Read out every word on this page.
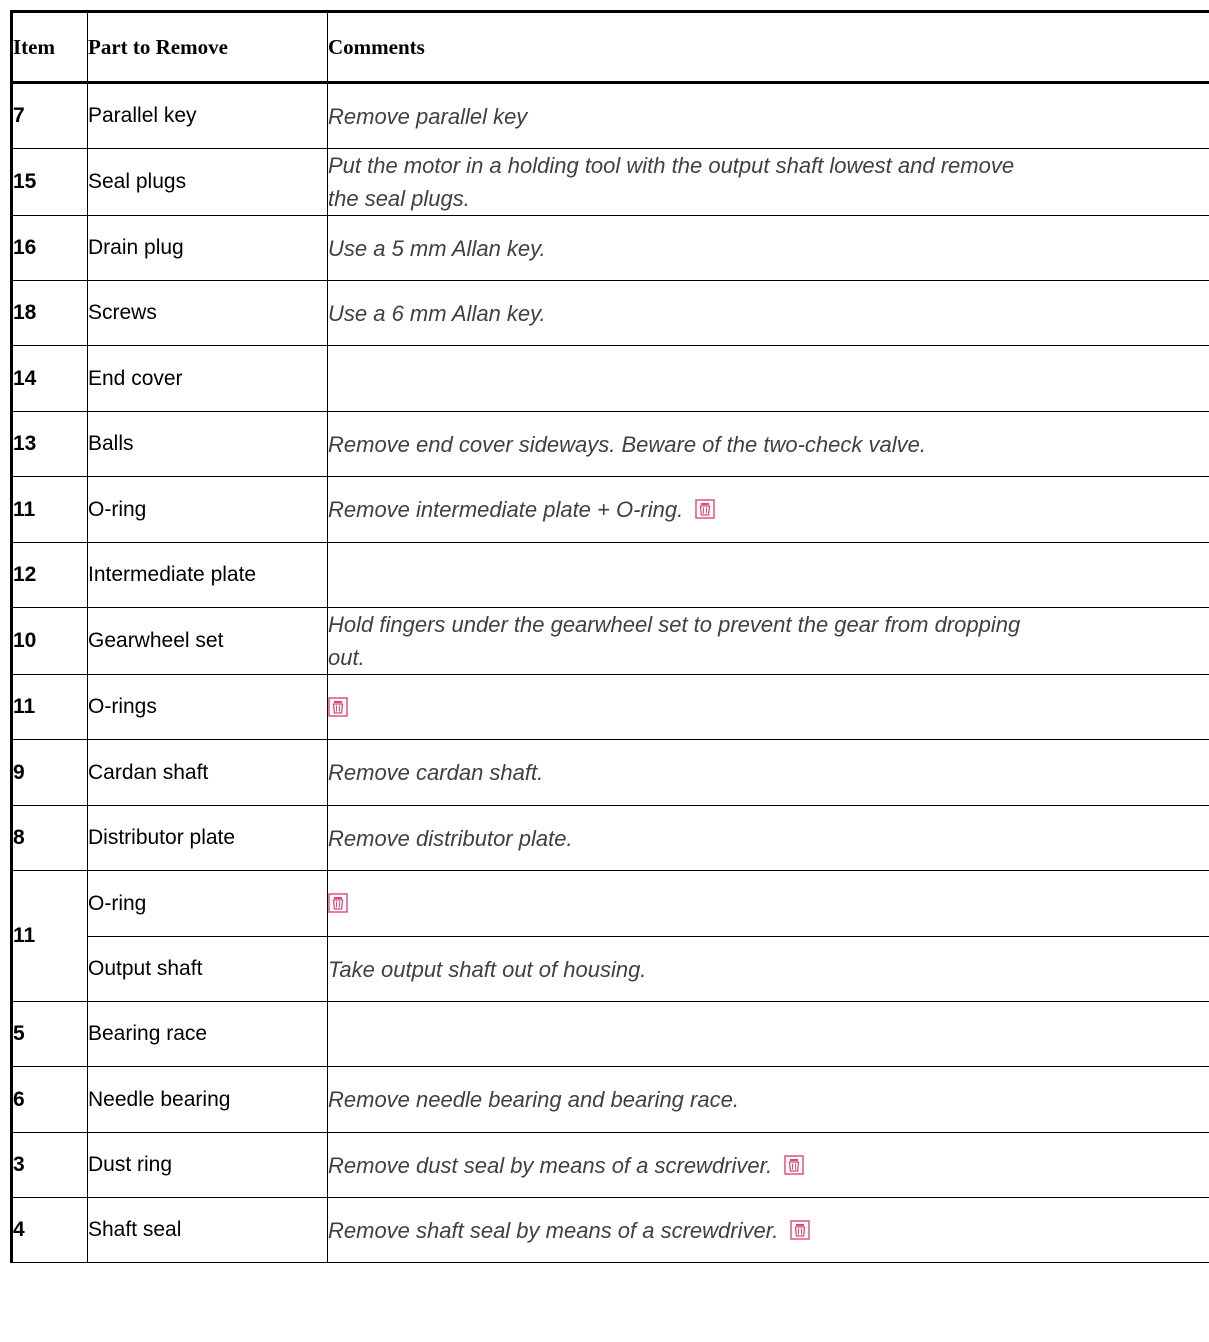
Item	Part to Remove	Comments
7	Parallel key	Remove parallel key
15	Seal plugs	Put the motor in a holding tool with the output shaft lowest and remove
the seal plugs.
16	Drain plug	Use a 5 mm Allan key.
18	Screws	Use a 6 mm Allan key.
14	End cover	
13	Balls	Remove end cover sideways. Beware of the two-check valve.
11	O-ring	Remove intermediate plate + O-ring.

12	Intermediate plate	
10	Gearwheel set	Hold fingers under the gearwheel set to prevent the gear from dropping
out.
11	O-rings	

9	Cardan shaft	Remove cardan shaft.
8	Distributor plate	Remove distributor plate.
11	O-ring	

	Output shaft	Take output shaft out of housing.
5	Bearing race	
6	Needle bearing	Remove needle bearing and bearing race.
3	Dust ring	Remove dust seal by means of a screwdriver.

4	Shaft seal	Remove shaft seal by means of a screwdriver.
